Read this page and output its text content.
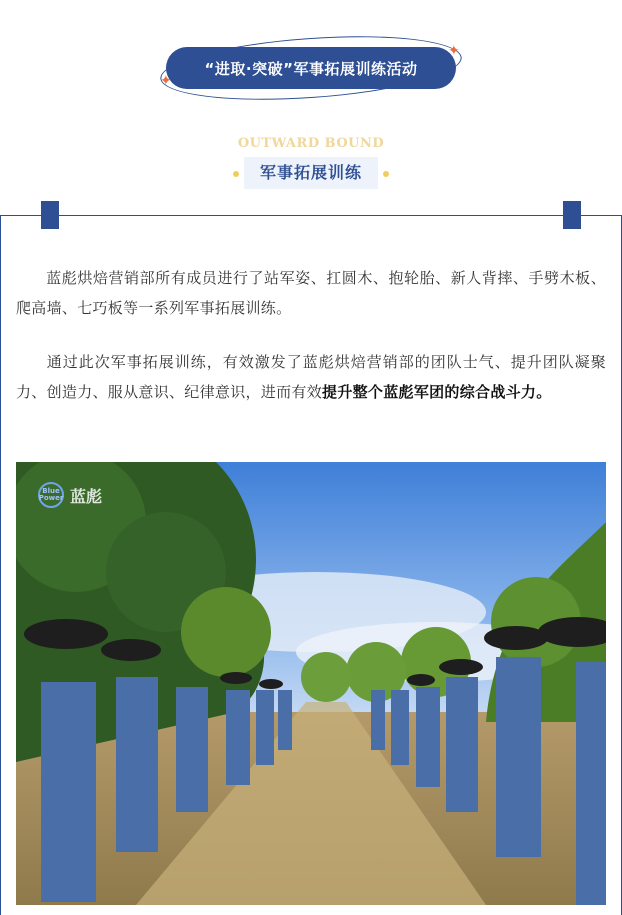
“进取·突破”军事拓展训练活动
✦
✦
OUTWARD BOUND
军事拓展训练

蓝彪烘焙营销部所有成员进行了站军姿、扛圆木、抱轮胎、新人背摔、手劈木板、爬高墙、七巧板等一系列军事拓展训练。

通过此次军事拓展训练，有效激发了蓝彪烘焙营销部的团队士气、提升团队凝聚力、创造力、服从意识、纪律意识，进而有效提升整个蓝彪军团的综合战斗力。

Blue Power 蓝彪
